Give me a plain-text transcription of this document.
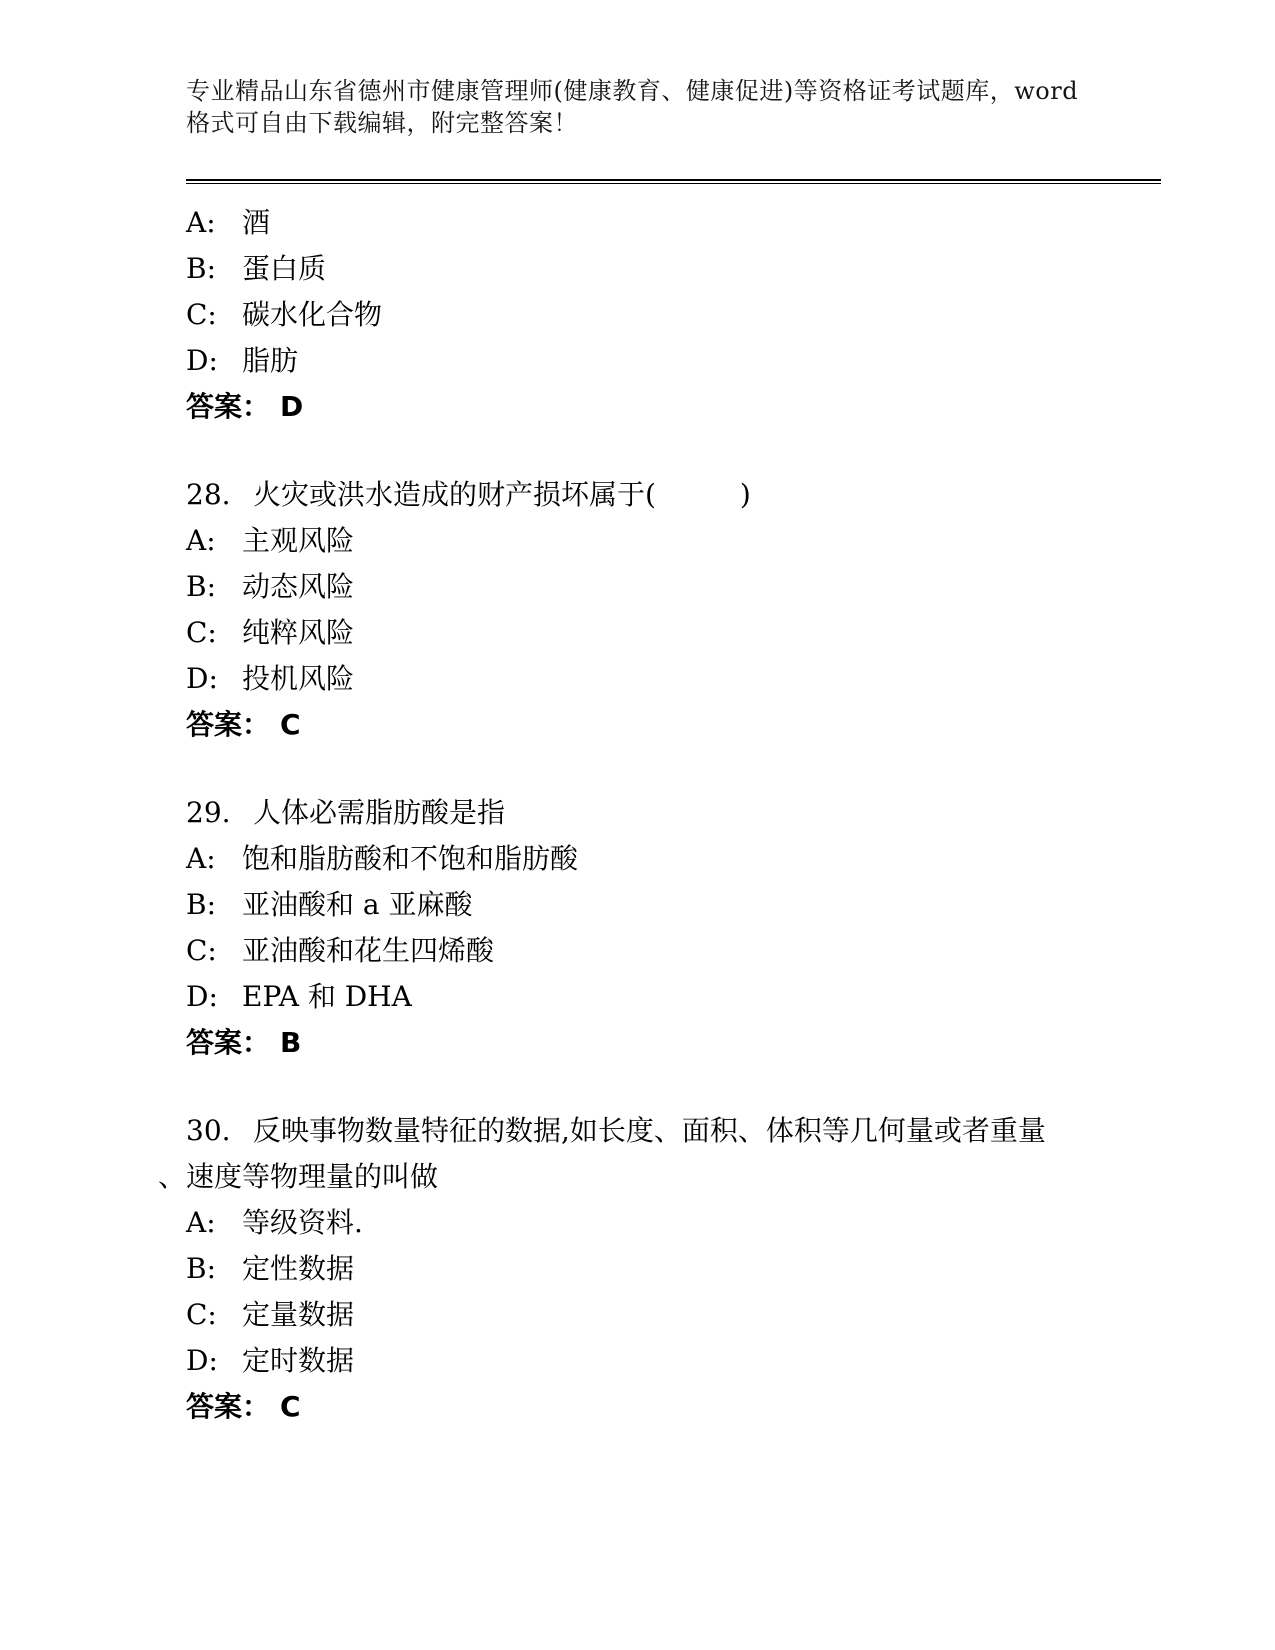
专业精品山东省德州市健康管理师(健康教育、健康促进)等资格证考试题库，word
格式可自由下载编辑，附完整答案！
A: 酒
B: 蛋白质
C: 碳水化合物
D: 脂肪
答案： D
28. 火灾或洪水造成的财产损坏属于(　　　)
A: 主观风险
B: 动态风险
C: 纯粹风险
D: 投机风险
答案： C
29. 人体必需脂肪酸是指
A: 饱和脂肪酸和不饱和脂肪酸
B: 亚油酸和 a 亚麻酸
C: 亚油酸和花生四烯酸
D: EPA 和 DHA
答案： B
30. 反映事物数量特征的数据,如长度、面积、体积等几何量或者重量
、速度等物理量的叫做
A: 等级资料.
B: 定性数据
C: 定量数据
D: 定时数据
答案： C
